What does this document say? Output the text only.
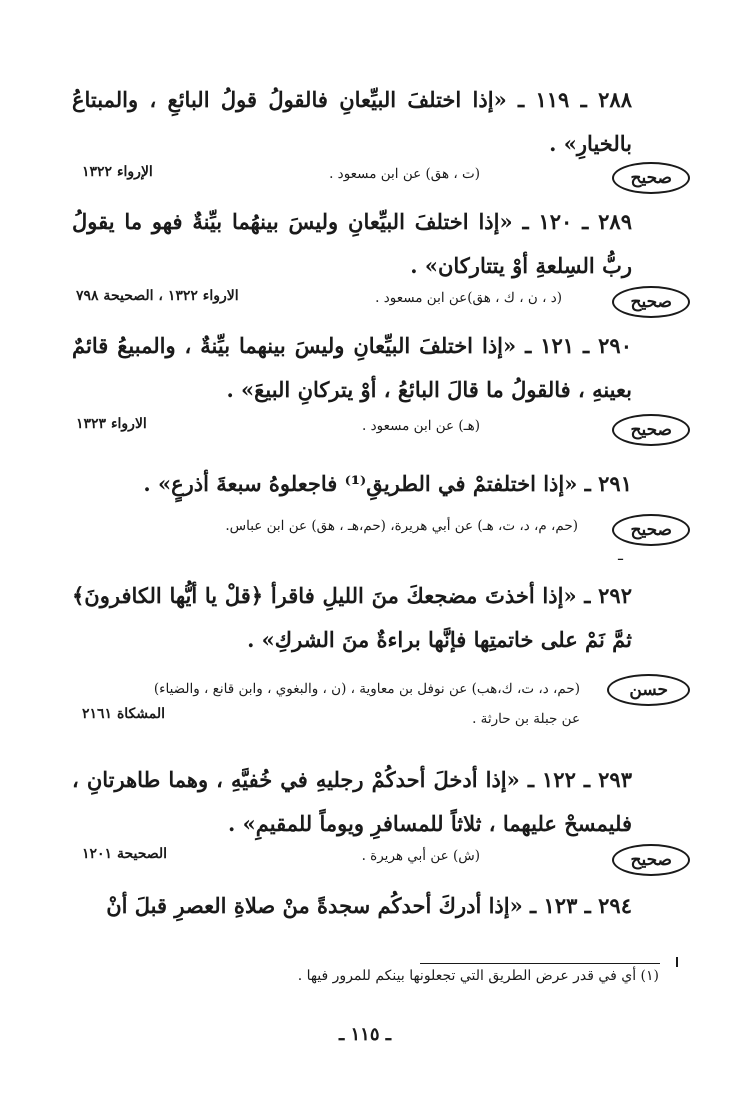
٢٨٨ ـ ١١٩ ـ «إذا اختلفَ البيِّعانِ فالقولُ قولُ البائعِ ، والمبتاعُ بالخيارِ» .
صحيح
(ت ، هق) عن ابن مسعود .
الإرواء ١٣٢٢
٢٨٩ ـ ١٢٠ ـ «إذا اختلفَ البيِّعانِ وليسَ بينهُما بيِّنةٌ فهو ما يقولُ ربُّ السِلعةِ أوْ يتتاركان» .
صحيح
(د ، ن ، ك ، هق)عن ابن مسعود .
الارواء ١٣٢٢ ، الصحيحة ٧٩٨
٢٩٠ ـ ١٢١ ـ «إذا اختلفَ البيِّعانِ وليسَ بينهما بيِّنةٌ ، والمبيعُ قائمٌ بعينهِ ، فالقولُ ما قالَ البائعُ ، أوْ يتركانِ البيعَ» .
صحيح
(هـ) عن ابن مسعود .
الارواء ١٣٢٣
٢٩١ ـ «إذا اختلفتمْ في الطريقِ⁽¹⁾ فاجعلوهُ سبعةَ أذرعٍ» .
صحيح
(حم، م، د، ت، هـ) عن أبي هريرة، (حم،هـ ، هق) عن ابن عباس.
ˉ
٢٩٢ ـ «إذا أخذتَ مضجعكَ منَ الليلِ فاقرأ ﴿قلْ يا أيُّها الكافرونَ﴾ ثمَّ نَمْ على خاتمتِها فإنَّها براءةٌ منَ الشركِ» .
حسن
(حم، د، ت، ك،هب) عن نوفل بن معاوية ، (ن ، والبغوي ، وابن قانع ، والضياء) عن جبلة بن حارثة .
المشكاة ٢١٦١
٢٩٣ ـ ١٢٢ ـ «إذا أدخلَ أحدكُمْ رجليهِ في خُفيَّهِ ، وهما طاهرتانِ ، فليمسحْ عليهما ، ثلاثاً للمسافرِ ويوماً للمقيمِ» .
صحيح
(ش) عن أبي هريرة .
الصحيحة ١٢٠١
٢٩٤ ـ ١٢٣ ـ «إذا أدركَ أحدكُم سجدةً منْ صلاةِ العصرِ قبلَ أنْ
(١) أي في قدر عرض الطريق التي تجعلونها بينكم للمرور فيها .
ـ ١١٥ ـ
